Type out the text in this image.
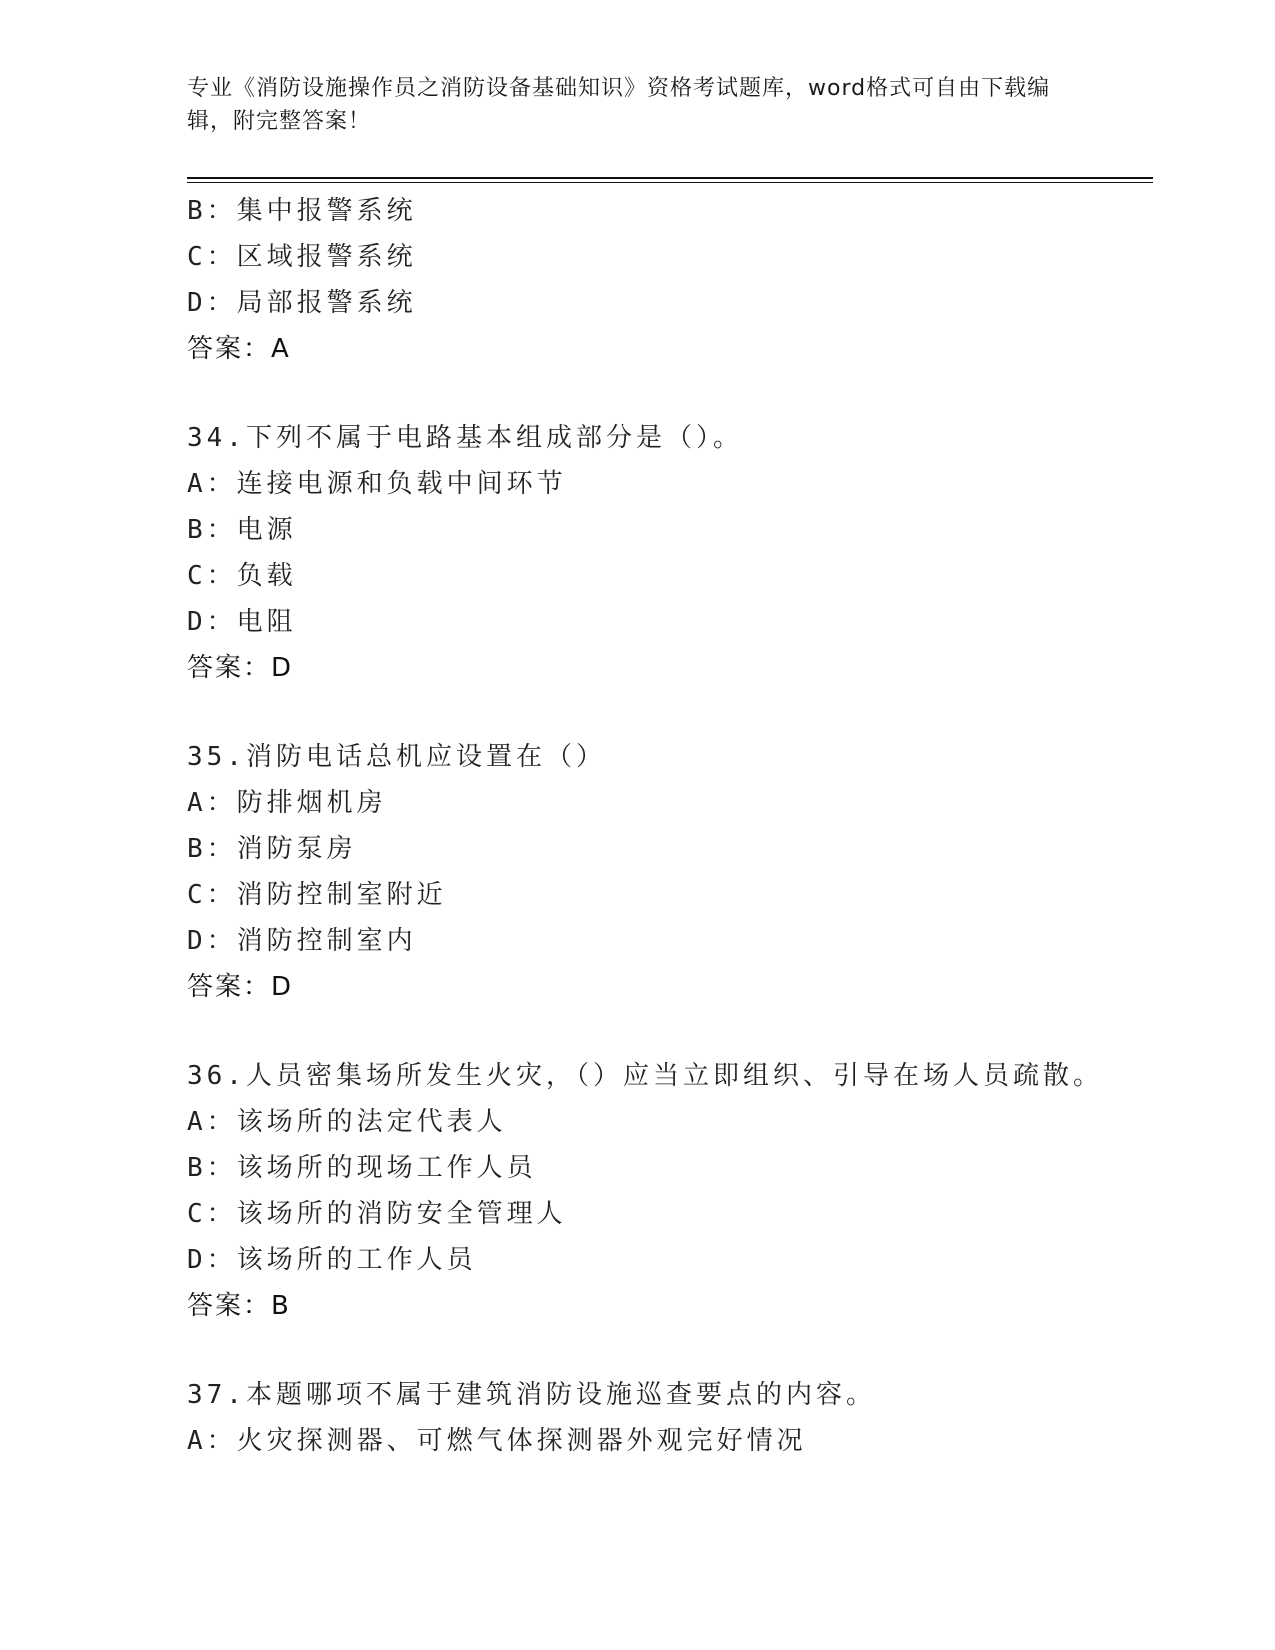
专业《消防设施操作员之消防设备基础知识》资格考试题库，word格式可自由下载编辑，附完整答案！
B：集中报警系统
C：区域报警系统
D：局部报警系统
答案：A
34.下列不属于电路基本组成部分是（）。
A：连接电源和负载中间环节
B：电源
C：负载
D：电阻
答案：D
35.消防电话总机应设置在（）
A：防排烟机房
B：消防泵房
C：消防控制室附近
D：消防控制室内
答案：D
36.人员密集场所发生火灾，（）应当立即组织、引导在场人员疏散。
A：该场所的法定代表人
B：该场所的现场工作人员
C：该场所的消防安全管理人
D：该场所的工作人员
答案：B
37.本题哪项不属于建筑消防设施巡查要点的内容。
A：火灾探测器、可燃气体探测器外观完好情况
